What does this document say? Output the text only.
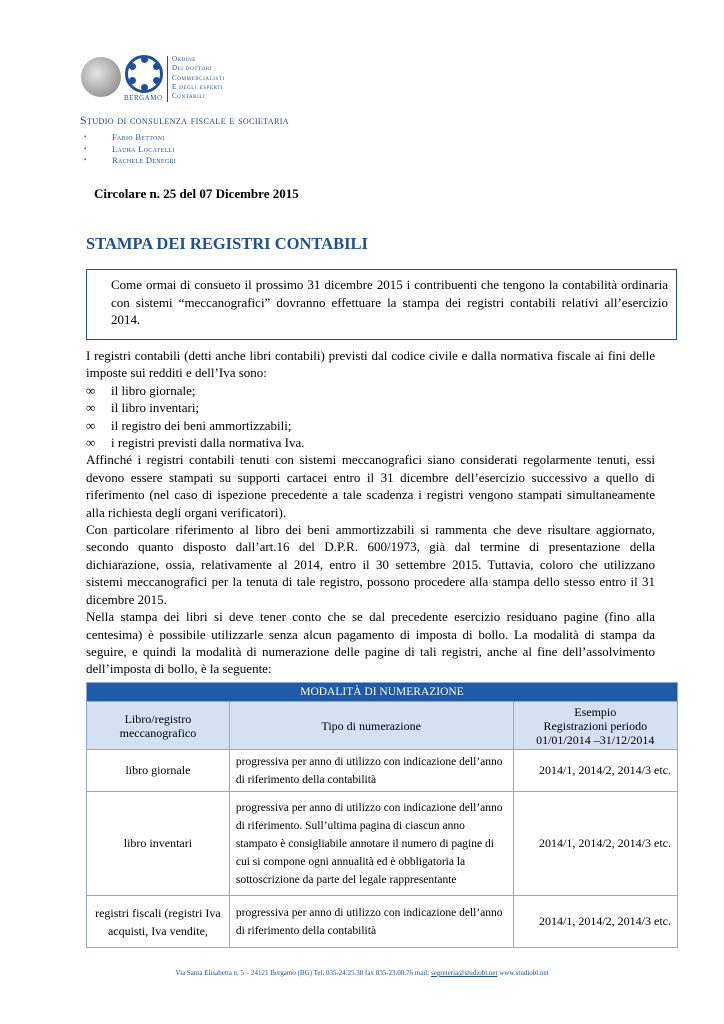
BERGAMO
Ordine
Dei dottori
Commercialisti
E degli esperti
Contabili
Studio di consulenza fiscale e societaria
•	Fabio Bettoni
•	Laura Locatelli
•	Rachele Denegri
Circolare n. 25 del 07 Dicembre 2015
STAMPA DEI REGISTRI CONTABILI
Come ormai di consueto il prossimo 31 dicembre 2015 i contribuenti che tengono la contabilità ordinaria con sistemi “meccanografici” dovranno effettuare la stampa dei registri contabili relativi all’esercizio 2014.

I registri contabili (detti anche libri contabili) previsti dal codice civile e dalla normativa fiscale ai fini delle imposte sui redditi e dell’Iva sono:

∞	il libro giornale;
∞	il libro inventari;
∞	il registro dei beni ammortizzabili;
∞	i registri previsti dalla normativa Iva.

Affinché i registri contabili tenuti con sistemi meccanografici siano considerati regolarmente tenuti, essi devono essere stampati su supporti cartacei entro il 31 dicembre dell’esercizio successivo a quello di riferimento (nel caso di ispezione precedente a tale scadenza i registri vengono stampati simultaneamente alla richiesta degli organi verificatori).

Con particolare riferimento al libro dei beni ammortizzabili si rammenta che deve risultare aggiornato, secondo quanto disposto dall’art.16 del D.P.R. 600/1973, già dal termine di presentazione della dichiarazione, ossia, relativamente al 2014, entro il 30 settembre 2015. Tuttavia, coloro che utilizzano sistemi meccanografici per la tenuta di tale registro, possono procedere alla stampa dello stesso entro il 31 dicembre 2015.

Nella stampa dei libri si deve tener conto che se dal precedente esercizio residuano pagine (fino alla centesima) è possibile utilizzarle senza alcun pagamento di imposta di bollo. La modalità di stampa da seguire, e quindi la modalità di numerazione delle pagine di tali registri, anche al fine dell’assolvimento dell’imposta di bollo, è la seguente:

MODALITÀ DI NUMERAZIONE		
Libro/registro meccanografico	Tipo di numerazione	Esempio
Registrazioni periodo
01/01/2014 –31/12/2014

libro giornale	progressiva per anno di utilizzo con indicazione dell’anno di riferimento della contabilità	2014/1, 2014/2, 2014/3 etc.
libro inventari	progressiva per anno di utilizzo con indicazione dell’anno di riferimento. Sull’ultima pagina di ciascun anno stampato è consigliabile annotare il numero di pagine di cui si compone ogni annualità ed è obbligatoria la sottoscrizione da parte del legale rappresentante	2014/1, 2014/2, 2014/3 etc.
registri fiscali (registri Iva acquisti, Iva vendite,	progressiva per anno di utilizzo con indicazione dell’anno di riferimento della contabilità	2014/1, 2014/2, 2014/3 etc.
Via Santa Elisabetta n. 5 – 24121 Bergamo (BG) Tel. 035-24.25.38 fax 035-23.08.76 mail: segreteria@studiobl.net www.studiobl.net
